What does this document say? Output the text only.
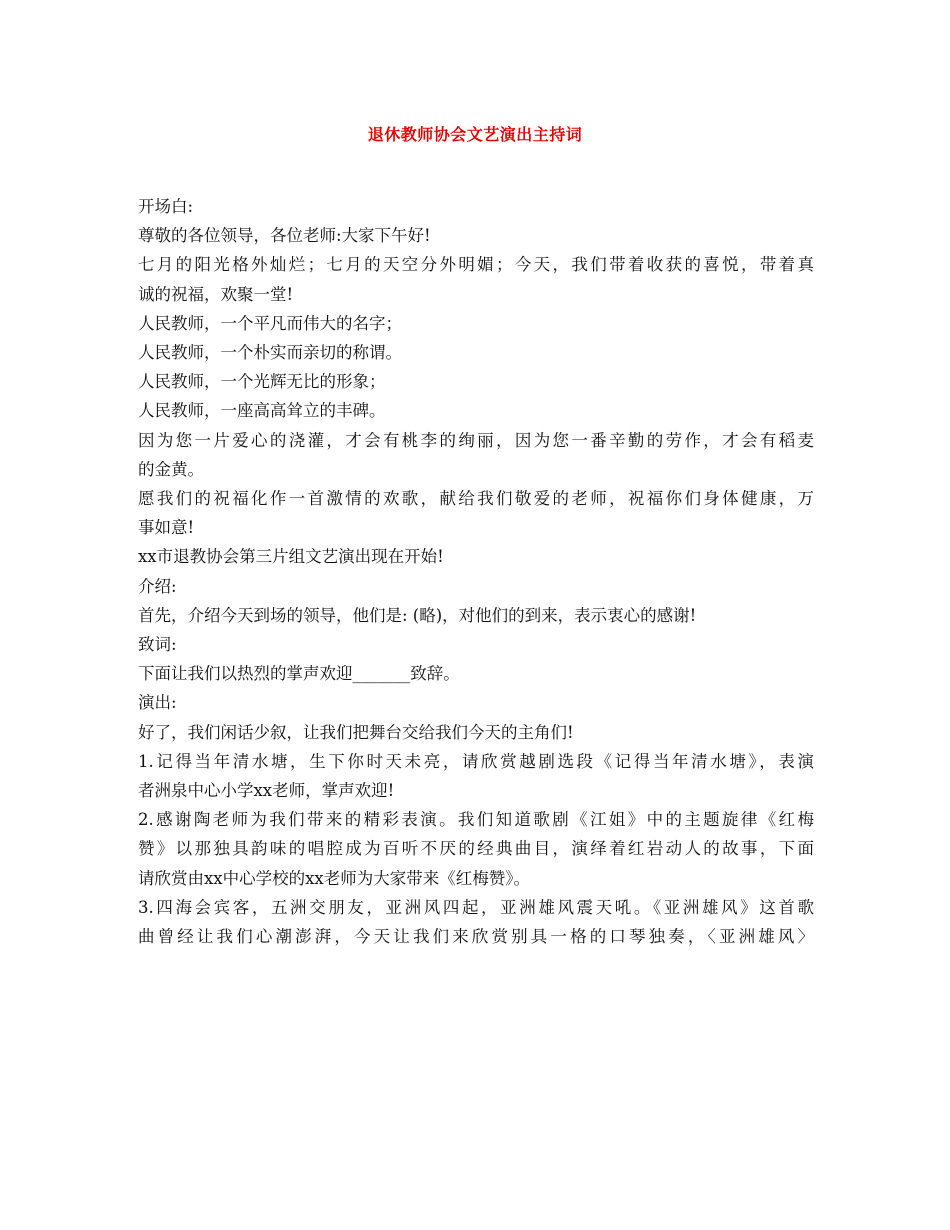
退休教师协会文艺演出主持词
开场白:
尊敬的各位领导，各位老师:大家下午好!
七月的阳光格外灿烂；七月的天空分外明媚；今天，我们带着收获的喜悦，带着真
诚的祝福，欢聚一堂!
人民教师，一个平凡而伟大的名字；
人民教师，一个朴实而亲切的称谓。
人民教师，一个光辉无比的形象；
人民教师，一座高高耸立的丰碑。
因为您一片爱心的浇灌，才会有桃李的绚丽，因为您一番辛勤的劳作，才会有稻麦
的金黄。
愿我们的祝福化作一首激情的欢歌，献给我们敬爱的老师，祝福你们身体健康，万
事如意!
xx市退教协会第三片组文艺演出现在开始!
介绍:
首先，介绍今天到场的领导，他们是: (略)，对他们的到来，表示衷心的感谢!
致词:
下面让我们以热烈的掌声欢迎_______致辞。
演出:
好了，我们闲话少叙，让我们把舞台交给我们今天的主角们!
1.记得当年清水塘，生下你时天未亮，请欣赏越剧选段《记得当年清水塘》，表演
者洲泉中心小学xx老师，掌声欢迎!
2.感谢陶老师为我们带来的精彩表演。我们知道歌剧《江姐》中的主题旋律《红梅
赞》以那独具韵味的唱腔成为百听不厌的经典曲目，演绎着红岩动人的故事，下面
请欣赏由xx中心学校的xx老师为大家带来《红梅赞》。
3.四海会宾客，五洲交朋友，亚洲风四起，亚洲雄风震天吼。《亚洲雄风》这首歌
曲曾经让我们心潮澎湃，今天让我们来欣赏别具一格的口琴独奏，〈亚洲雄风〉
